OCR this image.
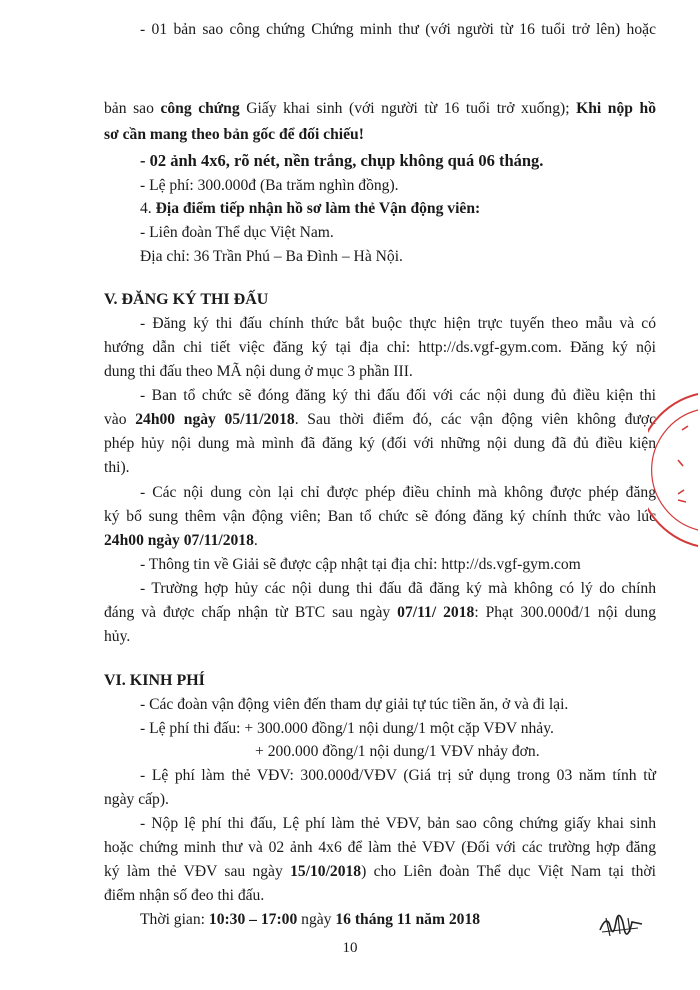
- 01 bản sao công chứng Chứng minh thư (với người từ 16 tuổi trở lên) hoặc
bản sao công chứng Giấy khai sinh (với người từ 16 tuổi trở xuống); Khi nộp hồ
sơ cần mang theo bản gốc để đối chiếu!
- 02 ảnh 4x6, rõ nét, nền trắng, chụp không quá 06 tháng.
- Lệ phí: 300.000đ (Ba trăm nghìn đồng).
4. Địa điểm tiếp nhận hồ sơ làm thẻ Vận động viên:
- Liên đoàn Thể dục Việt Nam.
Địa chỉ: 36 Trần Phú – Ba Đình – Hà Nội.
V. ĐĂNG KÝ THI ĐẤU
- Đăng ký thi đấu chính thức bắt buộc thực hiện trực tuyến theo mẫu và có
hướng dẫn chi tiết việc đăng ký tại địa chỉ: http://ds.vgf-gym.com. Đăng ký nội
dung thi đấu theo MÃ nội dung ở mục 3 phần III.
- Ban tổ chức sẽ đóng đăng ký thi đấu đối với các nội dung đủ điều kiện thi
vào 24h00 ngày 05/11/2018. Sau thời điểm đó, các vận động viên không được
phép hủy nội dung mà mình đã đăng ký (đối với những nội dung đã đủ điều kiện
thi).
- Các nội dung còn lại chỉ được phép điều chỉnh mà không được phép đăng
ký bổ sung thêm vận động viên; Ban tổ chức sẽ đóng đăng ký chính thức vào lúc
24h00 ngày 07/11/2018.
- Thông tin về Giải sẽ được cập nhật tại địa chỉ: http://ds.vgf-gym.com
- Trường hợp hủy các nội dung thi đấu đã đăng ký mà không có lý do chính
đáng và được chấp nhận từ BTC sau ngày 07/11/ 2018: Phạt 300.000đ/1 nội dung
hủy.
VI. KINH PHÍ
- Các đoàn vận động viên đến tham dự giải tự túc tiền ăn, ở và đi lại.
- Lệ phí thi đấu: + 300.000 đồng/1 nội dung/1 một cặp VĐV nhảy.
+ 200.000 đồng/1 nội dung/1 VĐV nhảy đơn.
- Lệ phí làm thẻ VĐV: 300.000đ/VĐV (Giá trị sử dụng trong 03 năm tính từ
ngày cấp).
- Nộp lệ phí thi đấu, Lệ phí làm thẻ VĐV, bản sao công chứng giấy khai sinh
hoặc chứng minh thư và 02 ảnh 4x6 để làm thẻ VĐV (Đối với các trường hợp đăng
ký làm thẻ VĐV sau ngày 15/10/2018) cho Liên đoàn Thể dục Việt Nam tại thời
điểm nhận số đeo thi đấu.
Thời gian: 10:30 – 17:00 ngày 16 tháng 11 năm 2018
10
